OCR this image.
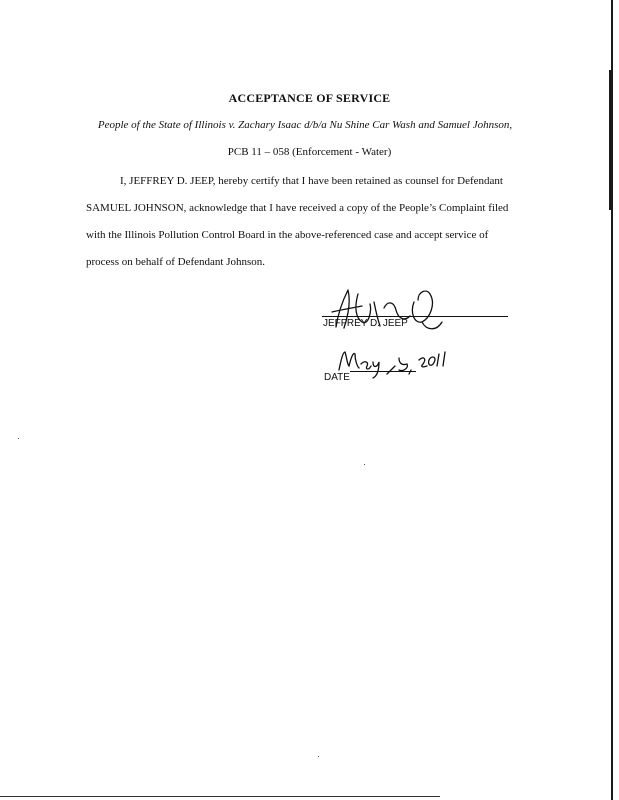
ACCEPTANCE OF SERVICE
People of the State of Illinois v. Zachary Isaac d/b/a Nu Shine Car Wash and Samuel Johnson,
PCB 11 – 058 (Enforcement - Water)
I, JEFFREY D. JEEP, hereby certify that I have been retained as counsel for Defendant
SAMUEL JOHNSON, acknowledge that I have received a copy of the People’s Complaint filed
with the Illinois Pollution Control Board in the above-referenced case and accept service of
process on behalf of Defendant Johnson.
JEFFREY D. JEEP
DATE
